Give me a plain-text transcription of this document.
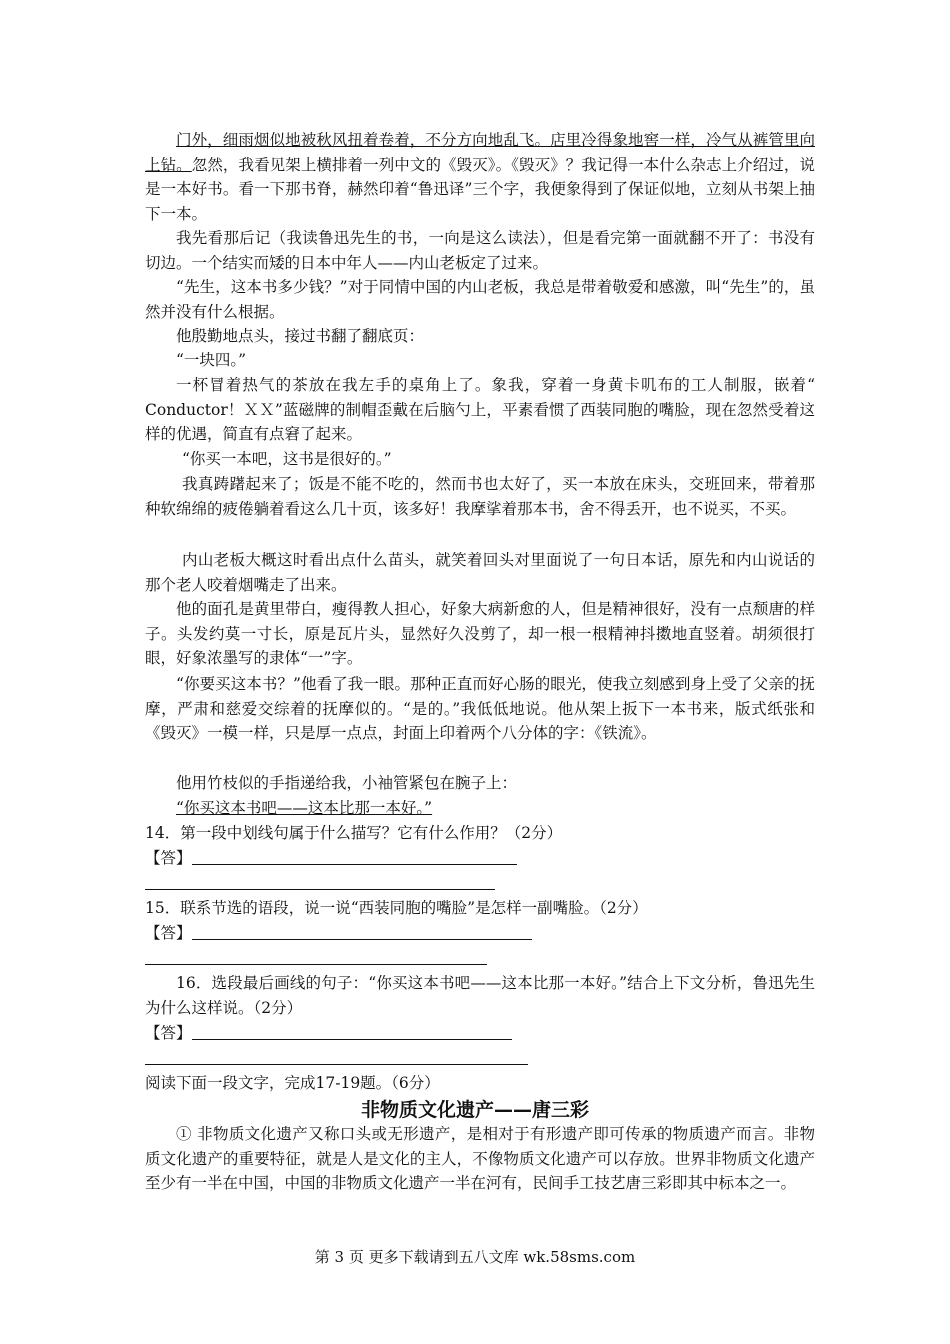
门外，细雨烟似地被秋风扭着卷着，不分方向地乱飞。店里冷得象地窖一样，冷气从裤管里向上钻。忽然，我看见架上横排着一列中文的《毁灭》。《毁灭》？我记得一本什么杂志上介绍过，说是一本好书。看一下那书脊，赫然印着“鲁迅译”三个字，我便象得到了保证似地，立刻从书架上抽下一本。

我先看那后记（我读鲁迅先生的书，一向是这么读法），但是看完第一面就翻不开了：书没有切边。一个结实而矮的日本中年人——内山老板定了过来。

“先生，这本书多少钱？”对于同情中国的内山老板，我总是带着敬爱和感激，叫“先生”的，虽然并没有什么根据。

他殷勤地点头，接过书翻了翻底页：

“一块四。”

一杯冒着热气的茶放在我左手的桌角上了。象我，穿着一身黄卡叽布的工人制服，嵌着“ Conductor！ＸＸ”蓝磁牌的制帽歪戴在后脑勺上，平素看惯了西装同胞的嘴脸，现在忽然受着这样的优遇，简直有点窘了起来。

“你买一本吧，这书是很好的。”

我真踌躇起来了；饭是不能不吃的，然而书也太好了，买一本放在床头，交班回来，带着那种软绵绵的疲倦躺着看这么几十页，该多好！我摩挲着那本书，舍不得丢开，也不说买，不买。

内山老板大概这时看出点什么苗头，就笑着回头对里面说了一句日本话，原先和内山说话的那个老人咬着烟嘴走了出来。

他的面孔是黄里带白，瘦得教人担心，好象大病新愈的人，但是精神很好，没有一点颓唐的样子。头发约莫一寸长，原是瓦片头，显然好久没剪了，却一根一根精神抖擞地直竖着。胡须很打眼，好象浓墨写的隶体“一”字。

“你要买这本书？”他看了我一眼。那种正直而好心肠的眼光，使我立刻感到身上受了父亲的抚摩，严肃和慈爱交综着的抚摩似的。“是的。”我低低地说。他从架上扳下一本书来，版式纸张和《毁灭》一模一样，只是厚一点点，封面上印着两个八分体的字：《铁流》。

他用竹枝似的手指递给我，小袖管紧包在腕子上：

“你买这本书吧——这本比那一本好。”

14．第一段中划线句属于什么描写？它有什么作用？（2分）

【答】

15．联系节选的语段，说一说“西装同胞的嘴脸”是怎样一副嘴脸。（2分）

【答】

16．选段最后画线的句子：“你买这本书吧——这本比那一本好。”结合上下文分析，鲁迅先生为什么这样说。（2分）

【答】

阅读下面一段文字，完成17-19题。（6分）

非物质文化遗产——唐三彩

① 非物质文化遗产又称口头或无形遗产，是相对于有形遗产即可传承的物质遗产而言。非物质文化遗产的重要特征，就是人是文化的主人，不像物质文化遗产可以存放。世界非物质文化遗产至少有一半在中国，中国的非物质文化遗产一半在河有，民间手工技艺唐三彩即其中标本之一。

第 3 页 更多下载请到五八文库 wk.58sms.com
